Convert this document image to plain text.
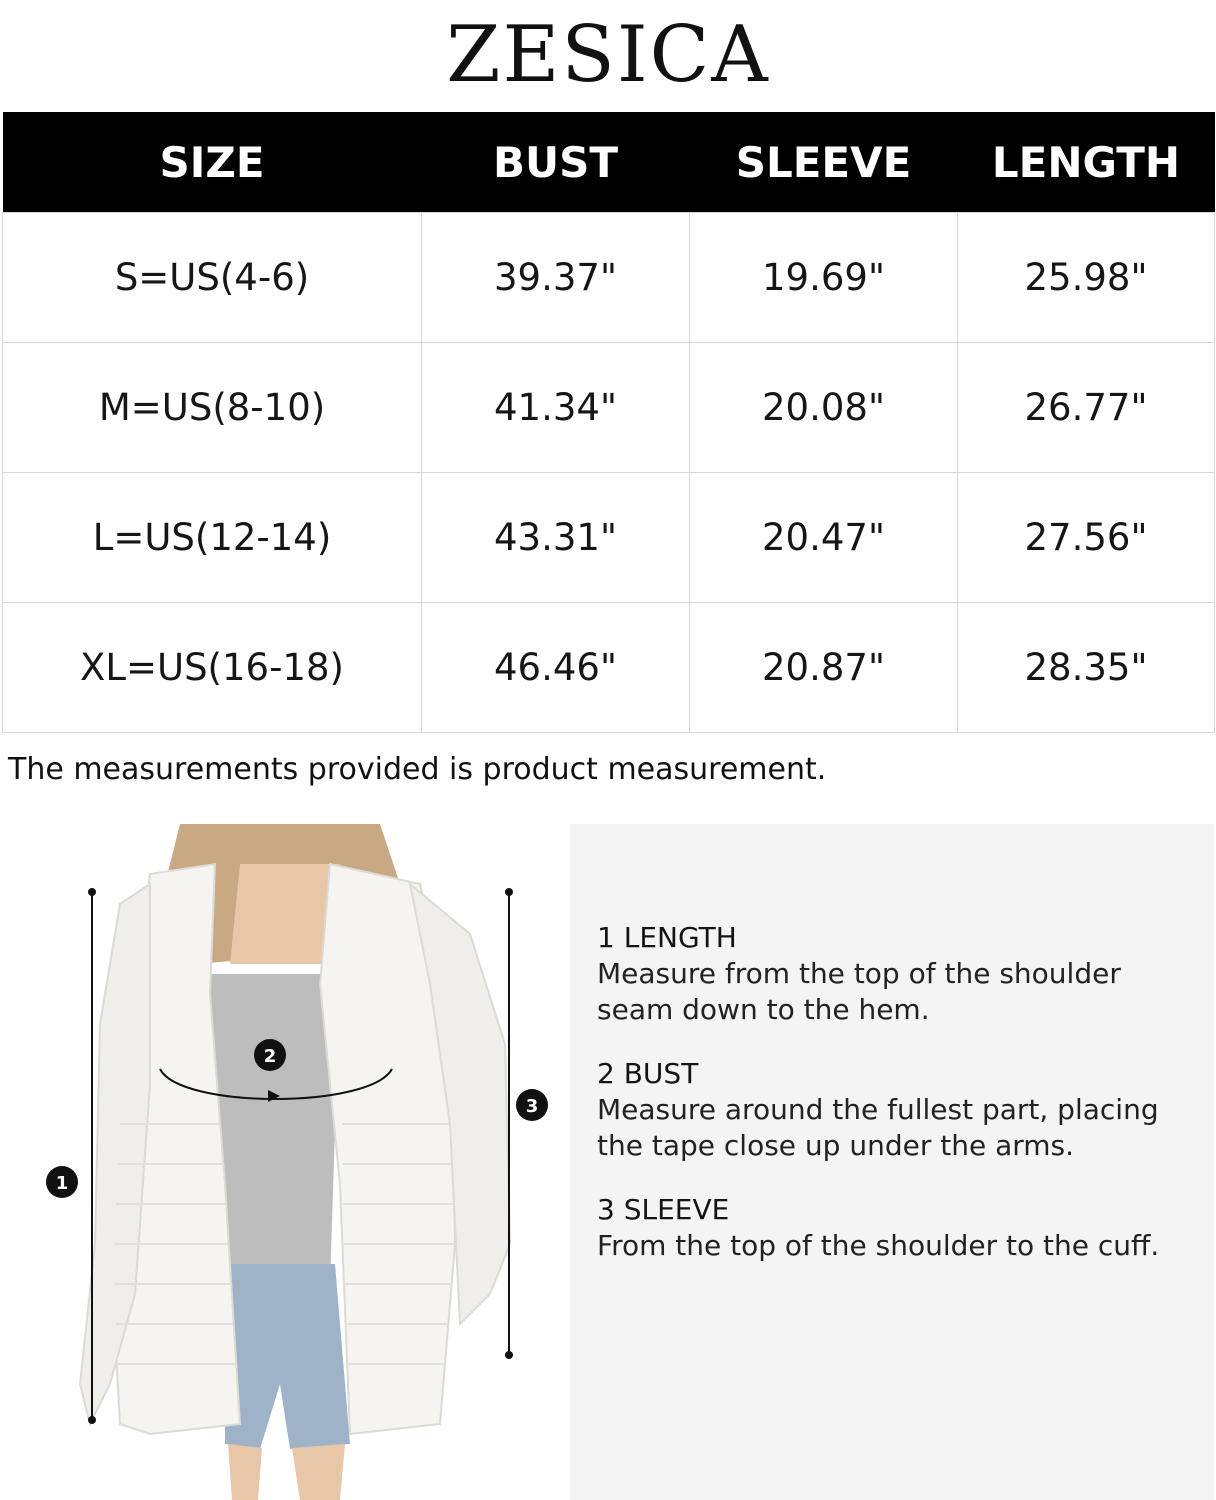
ZESICA
SIZE	BUST	SLEEVE	LENGTH
S=US(4-6)	39.37"	19.69"	25.98"
M=US(8-10)	41.34"	20.08"	26.77"
L=US(12-14)	43.31"	20.47"	27.56"
XL=US(16-18)	46.46"	20.87"	28.35"
The measurements provided is product measurement.
1
2
3
1 LENGTH
Measure from the top of the shoulder
seam down to the hem.
2 BUST
Measure around the fullest part, placing
the tape close up under the arms.
3 SLEEVE
From the top of the shoulder to the cuff.
